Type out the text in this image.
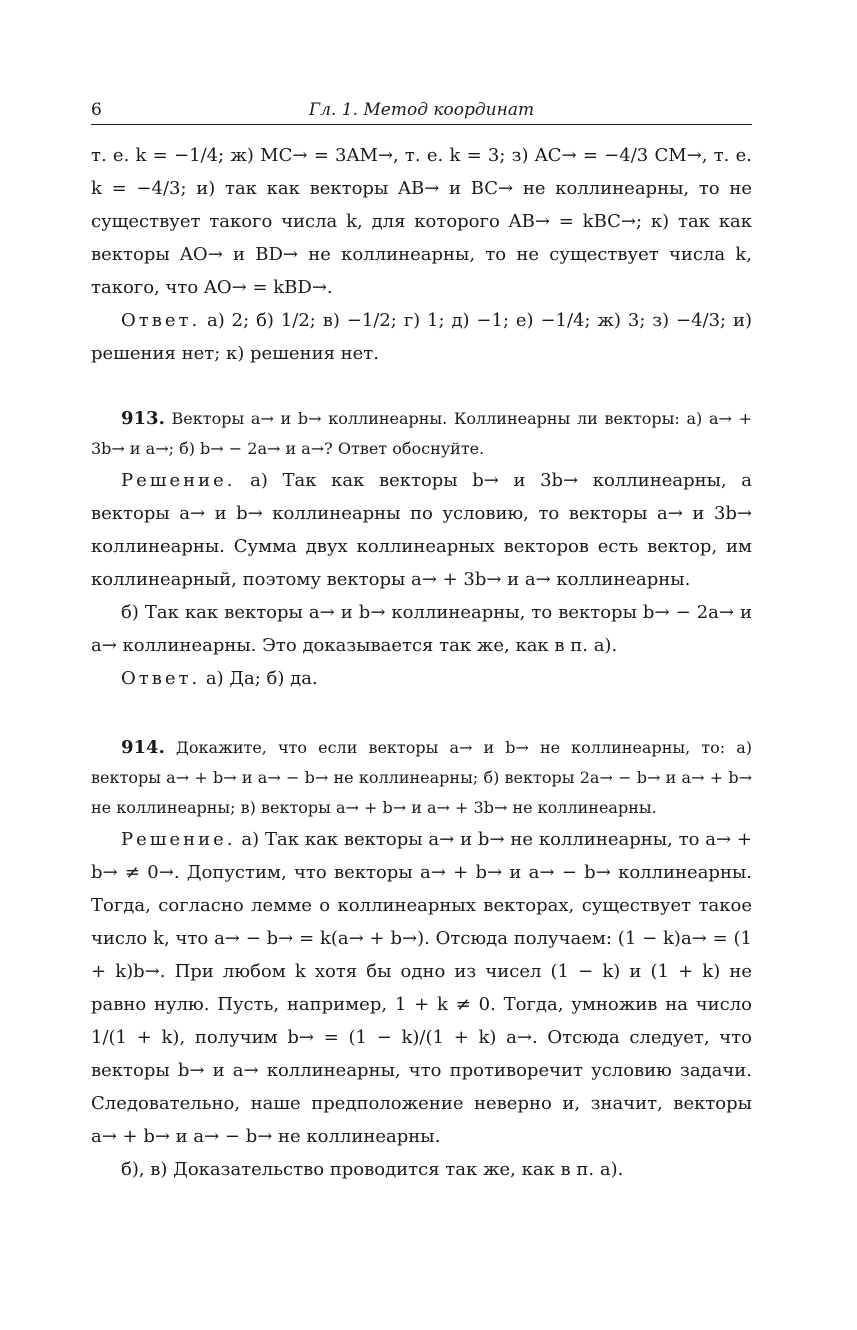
6	Гл. 1. Метод координат

т. е. k = −1/4; ж) MC→ = 3AM→, т. е. k = 3; з) AC→ = −4/3 CM→, т. е. k = −4/3; и) так как векторы AB→ и BC→ не коллинеарны, то не существует такого числа k, для которого AB→ = kBC→; к) так как векторы AO→ и BD→ не коллинеарны, то не существует числа k, такого, что AO→ = kBD→.

Ответ. а) 2; б) 1/2; в) −1/2; г) 1; д) −1; е) −1/4; ж) 3; з) −4/3; и) решения нет; к) решения нет.

913. Векторы a→ и b→ коллинеарны. Коллинеарны ли векторы: а) a→ + 3b→ и a→; б) b→ − 2a→ и a→? Ответ обоснуйте.

Решение. а) Так как векторы b→ и 3b→ коллинеарны, а векторы a→ и b→ коллинеарны по условию, то векторы a→ и 3b→ коллинеарны. Сумма двух коллинеарных векторов есть вектор, им коллинеарный, поэтому векторы a→ + 3b→ и a→ коллинеарны.

б) Так как векторы a→ и b→ коллинеарны, то векторы b→ − 2a→ и a→ коллинеарны. Это доказывается так же, как в п. а).

Ответ. а) Да; б) да.

914. Докажите, что если векторы a→ и b→ не коллинеарны, то: а) векторы a→ + b→ и a→ − b→ не коллинеарны; б) векторы 2a→ − b→ и a→ + b→ не коллинеарны; в) векторы a→ + b→ и a→ + 3b→ не коллинеарны.

Решение. а) Так как векторы a→ и b→ не коллинеарны, то a→ + b→ ≠ 0→. Допустим, что векторы a→ + b→ и a→ − b→ коллинеарны. Тогда, согласно лемме о коллинеарных векторах, существует такое число k, что a→ − b→ = k(a→ + b→). Отсюда получаем: (1 − k)a→ = (1 + k)b→. При любом k хотя бы одно из чисел (1 − k) и (1 + k) не равно нулю. Пусть, например, 1 + k ≠ 0. Тогда, умножив на число 1/(1 + k), получим b→ = (1 − k)/(1 + k) a→. Отсюда следует, что векторы b→ и a→ коллинеарны, что противоречит условию задачи. Следовательно, наше предположение неверно и, значит, векторы a→ + b→ и a→ − b→ не коллинеарны.

б), в) Доказательство проводится так же, как в п. а).
